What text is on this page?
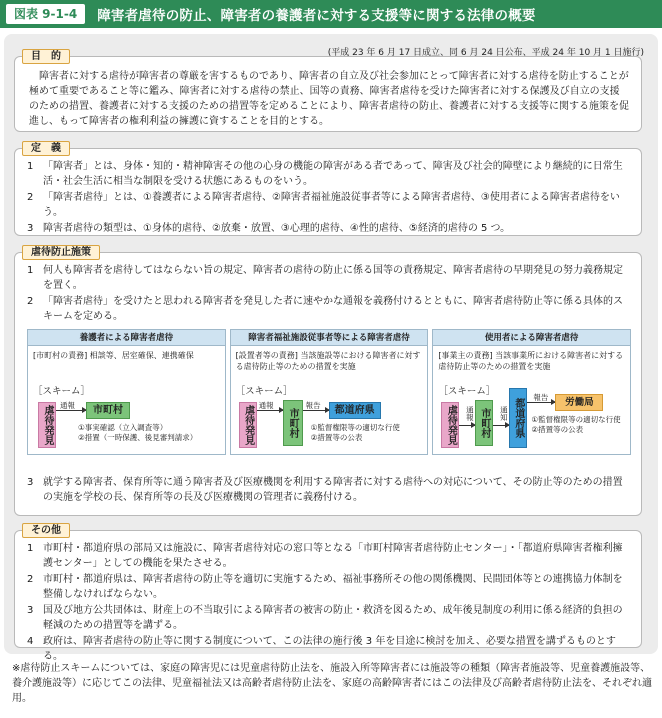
図表 9-1-4	障害者虐待の防止、障害者の養護者に対する支援等に関する法律の概要
障害者に対する虐待が障害者の尊厳を害するものであり、障害者の自立及び社会参加にとって障害者に対する虐待を防止することが極めて重要であること等に鑑み、障害者に対する虐待の禁止、国等の責務、障害者虐待を受けた障害者に対する保護及び自立の支援のための措置、養護者に対する支援のための措置等を定めることにより、障害者虐待の防止、養護者に対する支援等に関する施策を促進し、もって障害者の権利利益の擁護に資することを目的とする。
目　的	(平成 23 年 6 月 17 日成立、同 6 月 24 日公布、平成 24 年 10 月 1 日施行)
1 「障害者」とは、身体・知的・精神障害その他の心身の機能の障害がある者であって、障害及び社会的障壁により継続的に日常生活・社会生活に相当な制限を受ける状態にあるものをいう。
2 「障害者虐待」とは、①養護者による障害者虐待、②障害者福祉施設従事者等による障害者虐待、③使用者による障害者虐待をいう。
3 障害者虐待の類型は、①身体的虐待、②放棄・放置、③心理的虐待、④性的虐待、⑤経済的虐待の 5 つ。
定　義
1 何人も障害者を虐待してはならない旨の規定、障害者の虐待の防止に係る国等の責務規定、障害者虐待の早期発見の努力義務規定を置く。
2 「障害者虐待」を受けたと思われる障害者を発見した者に速やかな通報を義務付けるとともに、障害者虐待防止等に係る具体的スキームを定める。
養護者による障害者虐待
[市町村の責務] 相談等、居室確保、連携確保
［スキーム］
虐待発見 通報	市町村
①事実確認（立入調査等）
②措置（一時保護、後見審判請求）
障害者福祉施設従事者等による障害者虐待
[設置者等の責務] 当該施設等における障害者に対する虐待防止等のための措置を実施
［スキーム］
虐待発見 通報
市町村
報告	都道府県
①監督権限等の適切な行使
②措置等の公表
使用者による障害者虐待
[事業主の責務] 当該事業所における障害者に対する虐待防止等のための措置を実施
［スキーム］
虐待発見	通報 市町村	通知 都道府県
報告	労働局
①監督権限等の適切な行使
②措置等の公表
3 就学する障害者、保育所等に通う障害者及び医療機関を利用する障害者に対する虐待への対応について、その防止等のための措置の実施を学校の長、保育所等の長及び医療機関の管理者に義務付ける。
虐待防止施策
1 市町村・都道府県の部局又は施設に、障害者虐待対応の窓口等となる「市町村障害者虐待防止センター」・「都道府県障害者権利擁護センター」としての機能を果たさせる。
2 市町村・都道府県は、障害者虐待の防止等を適切に実施するため、福祉事務所その他の関係機関、民間団体等との連携協力体制を整備しなければならない。
3 国及び地方公共団体は、財産上の不当取引による障害者の被害の防止・救済を図るため、成年後見制度の利用に係る経済的負担の軽減のための措置等を講ずる。
4 政府は、障害者虐待の防止等に関する制度について、この法律の施行後 3 年を目途に検討を加え、必要な措置を講ずるものとする。
その他
※虐待防止スキームについては、家庭の障害児には児童虐待防止法を、施設入所等障害者には施設等の種類（障害者施設等、児童養護施設等、養介護施設等）に応じてこの法律、児童福祉法又は高齢者虐待防止法を、家庭の高齢障害者にはこの法律及び高齢者虐待防止法を、それぞれ適用。
